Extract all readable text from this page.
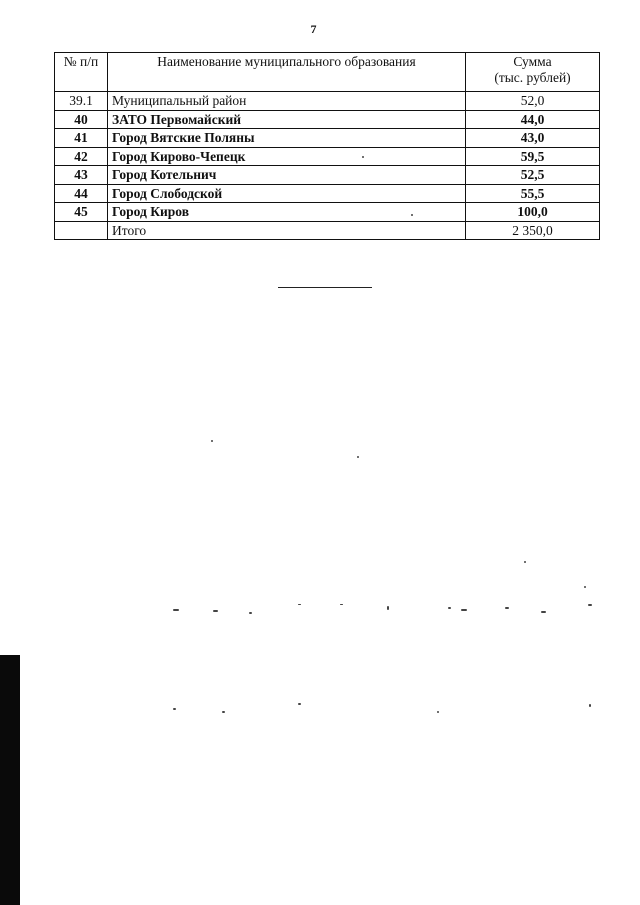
7
№ п/п	Наименование муниципального образования	Сумма
(тыс. рублей)

39.1	Муниципальный район	52,0
40	ЗАТО Первомайский	44,0
41	Город Вятские Поляны	43,0
42	Город Кирово-Чепецк	59,5
43	Город Котельнич	52,5
44	Город Слободской	55,5
45	Город Киров	100,0
	Итого	2 350,0
